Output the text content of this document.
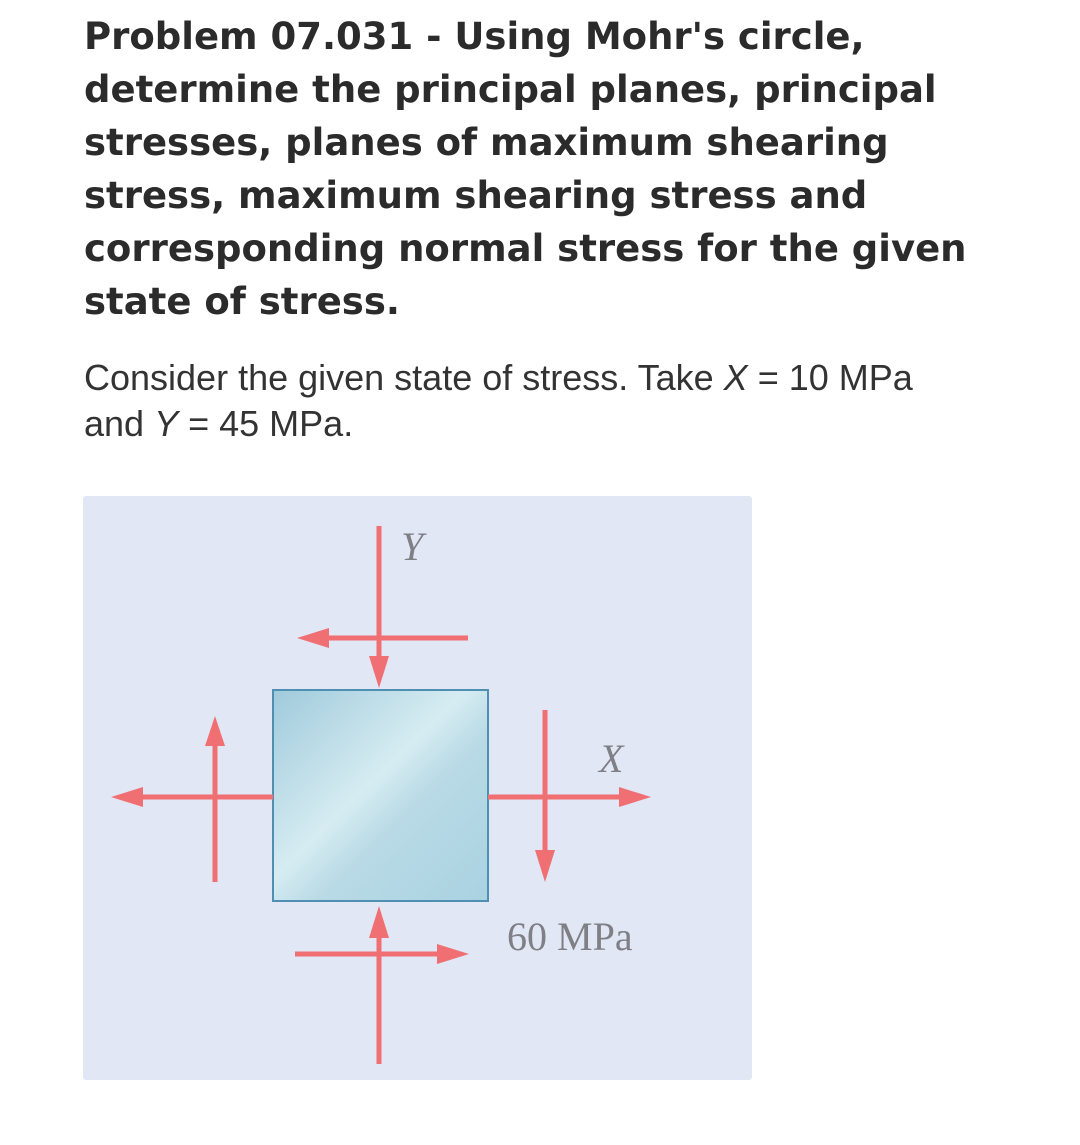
Problem 07.031 - Using Mohr's circle, determine the principal planes, principal stresses, planes of maximum shearing stress, maximum shearing stress and corresponding normal stress for the given state of stress.

Consider the given state of stress. Take X = 10 MPa
and Y = 45 MPa.

Y
X
60 MPa
